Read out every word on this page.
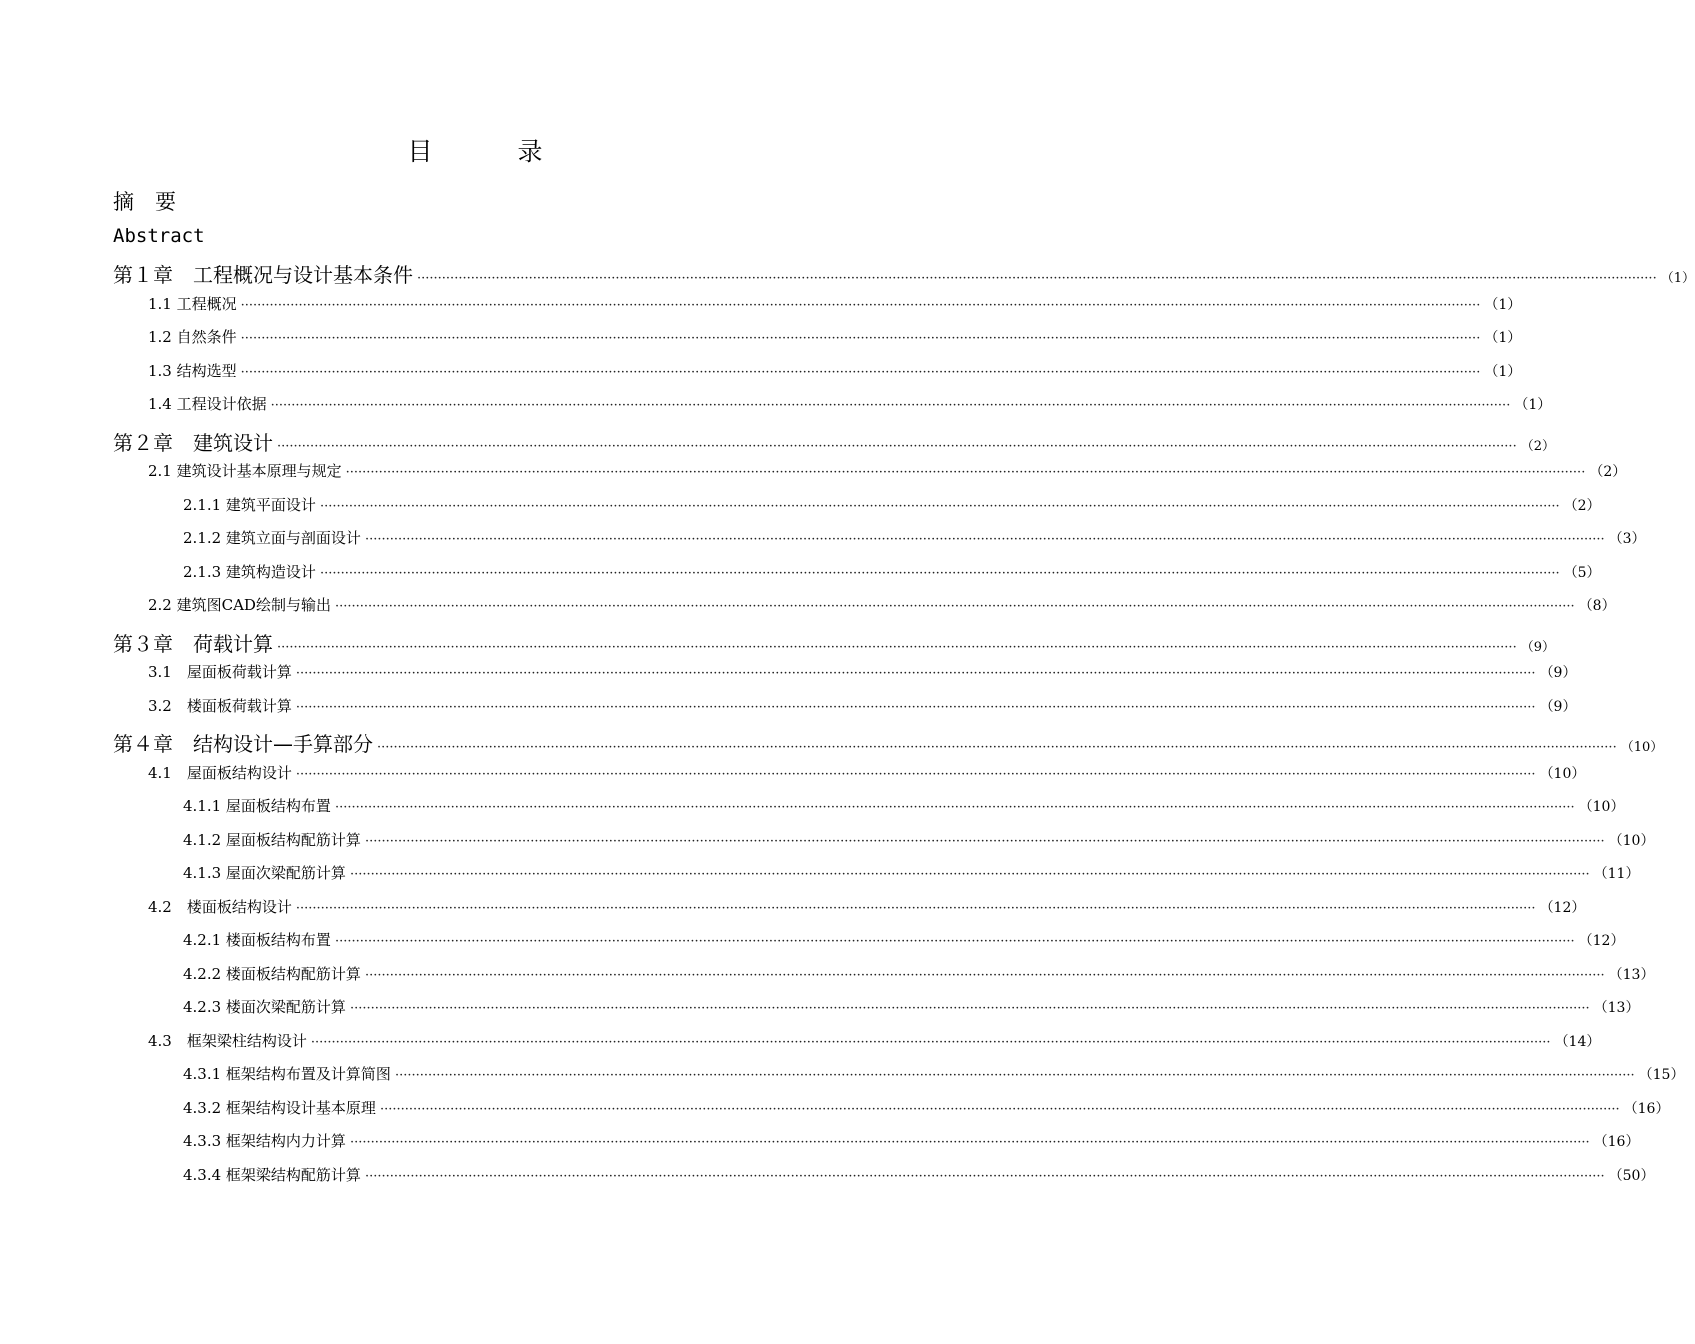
目　录
摘　要
Abstract
第１章　工程概况与设计基本条件 ············································································································································································································································································································ （1）
1.1 工程概况 ············································································································································································································································································································ （1）
1.2 自然条件 ············································································································································································································································································································ （1）
1.3 结构选型 ············································································································································································································································································································ （1）
1.4 工程设计依据 ············································································································································································································································································································ （1）
第２章　建筑设计 ············································································································································································································································································································ （2）
2.1 建筑设计基本原理与规定 ············································································································································································································································································································ （2）
2.1.1 建筑平面设计 ············································································································································································································································································································ （2）
2.1.2 建筑立面与剖面设计 ············································································································································································································································································································ （3）
2.1.3 建筑构造设计 ············································································································································································································································································································ （5）
2.2 建筑图CAD绘制与输出 ············································································································································································································································································································ （8）
第３章　荷载计算 ············································································································································································································································································································ （9）
3.1　屋面板荷载计算 ············································································································································································································································································································ （9）
3.2　楼面板荷载计算 ············································································································································································································································································································ （9）
第４章　结构设计—手算部分 ············································································································································································································································································································ （10）
4.1　屋面板结构设计 ············································································································································································································································································································ （10）
4.1.1 屋面板结构布置 ············································································································································································································································································································ （10）
4.1.2 屋面板结构配筋计算 ············································································································································································································································································································ （10）
4.1.3 屋面次梁配筋计算 ············································································································································································································································································································ （11）
4.2　楼面板结构设计 ············································································································································································································································································································ （12）
4.2.1 楼面板结构布置 ············································································································································································································································································································ （12）
4.2.2 楼面板结构配筋计算 ············································································································································································································································································································ （13）
4.2.3 楼面次梁配筋计算 ············································································································································································································································································································ （13）
4.3　框架梁柱结构设计 ············································································································································································································································································································ （14）
4.3.1 框架结构布置及计算简图 ············································································································································································································································································································ （15）
4.3.2 框架结构设计基本原理 ············································································································································································································································································································ （16）
4.3.3 框架结构内力计算 ············································································································································································································································································································ （16）
4.3.4 框架梁结构配筋计算 ············································································································································································································································································································ （50）
